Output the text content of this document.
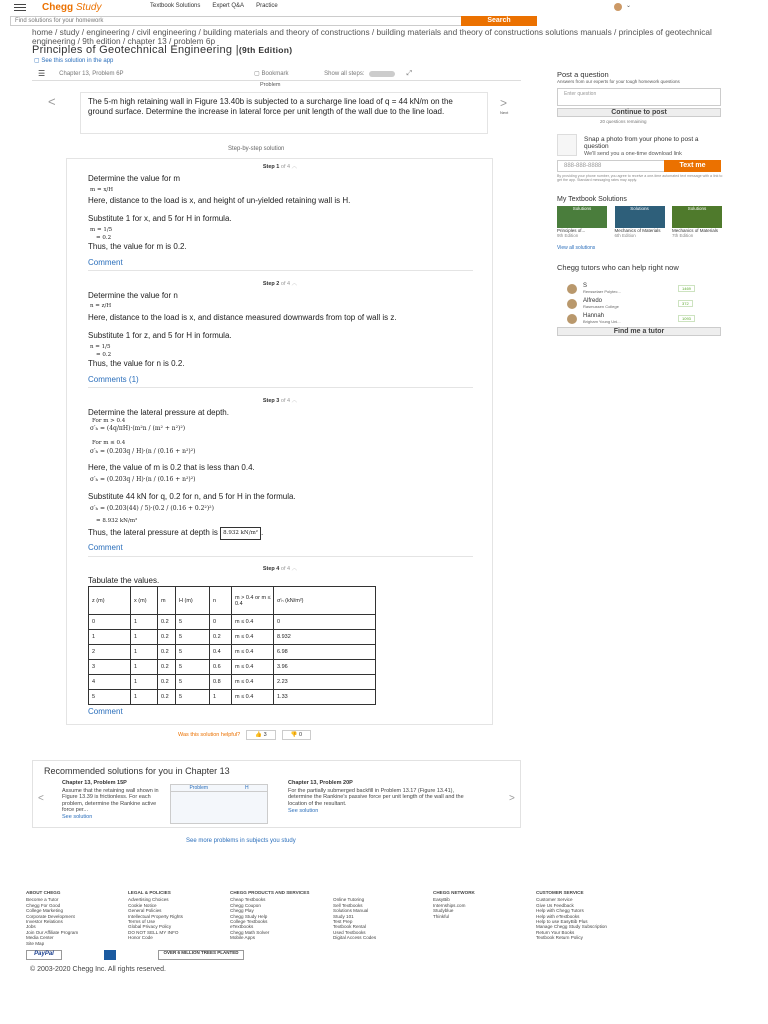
Chegg Study	Textbook Solutions Expert Q&A Practice	⌄
Find solutions for your homework	Search
home / study / engineering / civil engineering / building materials and theory of constructions / building materials and theory of constructions solutions manuals / principles of geotechnical engineering / 9th edition / chapter 13 / problem 6p
Principles of Geotechnical Engineering |(9th Edition)
▢ See this solution in the app
☰ Chapter 13, Problem 6P	▢ Bookmark	Show all steps:	⤢
Problem
<	The 5-m high retaining wall in Figure 13.40b is subjected to a surcharge line load of q = 44 kN/m on the ground surface. Determine the increase in lateral force per unit length of the wall due to the line load.
>
Next
Step-by-step solution
Step 1 of 4 ︿
Determine the value for m
m = x/H
Here, distance to the load is x, and height of un-yielded retaining wall is H.
Substitute 1 for x, and 5 for H in formula.
m = 1/5
= 0.2
Thus, the value for m is 0.2.
Comment
Step 2 of 4 ︿
Determine the value for n
n = z/H
Here, distance to the load is x, and distance measured downwards from top of wall is z.
Substitute 1 for z, and 5 for H in formula.
n = 1/5
= 0.2
Thus, the value for n is 0.2.
Comments (1)
Step 3 of 4 ︿
Determine the lateral pressure at depth.
For m > 0.4
σ′ₕ = (4q/πH)·(m²n / (m² + n²)²)
For m ≤ 0.4
σ′ₕ = (0.203q / H)·(n / (0.16 + n²)²)
Here, the value of m is 0.2 that is less than 0.4.
σ′ₕ = (0.203q / H)·(n / (0.16 + n²)²)
Substitute 44 kN for q, 0.2 for n, and 5 for H in the formula.
σ′ₕ = (0.203(44) / 5)·(0.2 / (0.16 + 0.2²)²)
= 8.932 kN/m²
Thus, the lateral pressure at depth is
8.932 kN/m² .
Comment
Step 4 of 4 ︿
Tabulate the values.
z (m)	x (m)	m	H (m)	n	m > 0.4 or m ≤ 0.4	σ′ₕ (kN/m²)
0	1	0.2	5	0	m ≤ 0.4	0
1	1	0.2	5	0.2	m ≤ 0.4	8.932
2	1	0.2	5	0.4	m ≤ 0.4	6.98
3	1	0.2	5	0.6	m ≤ 0.4	3.96
4	1	0.2	5	0.8	m ≤ 0.4	2.23
5	1	0.2	5	1	m ≤ 0.4	1.33
Comment
Was this solution helpful?	👍 3	👎 0
Recommended solutions for you in Chapter 13
<	>
Chapter 13, Problem 15P
Assume that the retaining wall shown in Figure 13.39 is frictionless. For each problem, determine the Rankine active force per...
See solution
Problem	H
Chapter 13, Problem 20P
For the partially submerged backfill in Problem 13.17 (Figure 13.41), determine the Rankine's passive force per unit length of the wall and the location of the resultant.
See solution
See more problems in subjects you study
Post a question
Answers from our experts for your tough homework questions
Enter question
Continue to post
20 questions remaining
Snap a photo from your phone to post a question
We'll send you a one-time download link
888-888-8888	Text me
By providing your phone number, you agree to receive a one-time automated text message with a link to get the app. Standard messaging rates may apply.
My Textbook Solutions
Solutions
Principles of...
9th Edition
Solutions
Mechanics of Materials
6th Edition
Solutions
Mechanics of Materials
7th Edition
View all solutions
Chegg tutors who can help right now
S
Rensselaer Polytec...	1469
Alfredo
Rasmussen College	372
Hannah
Brigham Young Uni...	1093
Find me a tutor
ABOUT CHEGG
Become a Tutor
Chegg For Good
College Marketing
Corporate Development
Investor Relations
Jobs
Join Our Affiliate Program
Media Center
Site Map
LEGAL & POLICIES
Advertising Choices
Cookie Notice
General Policies
Intellectual Property Rights
Terms of Use
Global Privacy Policy
DO NOT SELL MY INFO
Honor Code
CHEGG PRODUCTS AND SERVICES
Cheap Textbooks
Chegg Coupon
Chegg Play
Chegg Study Help
College Textbooks
eTextbooks
Chegg Math Solver
Mobile Apps
Online Tutoring
Sell Textbooks
Solutions Manual
Study 101
Test Prep
Textbook Rental
Used Textbooks
Digital Access Codes
CHEGG NETWORK
EasyBib
Internships.com
Studyblue
Thinkful
CUSTOMER SERVICE
Customer Service
Give Us Feedback
Help with Chegg Tutors
Help with eTextbooks
Help to use EasyBib Plus
Manage Chegg Study Subscription
Return Your Books
Textbook Return Policy
PayPal	OVER 6 MILLION TREES PLANTED
© 2003-2020 Chegg Inc. All rights reserved.
